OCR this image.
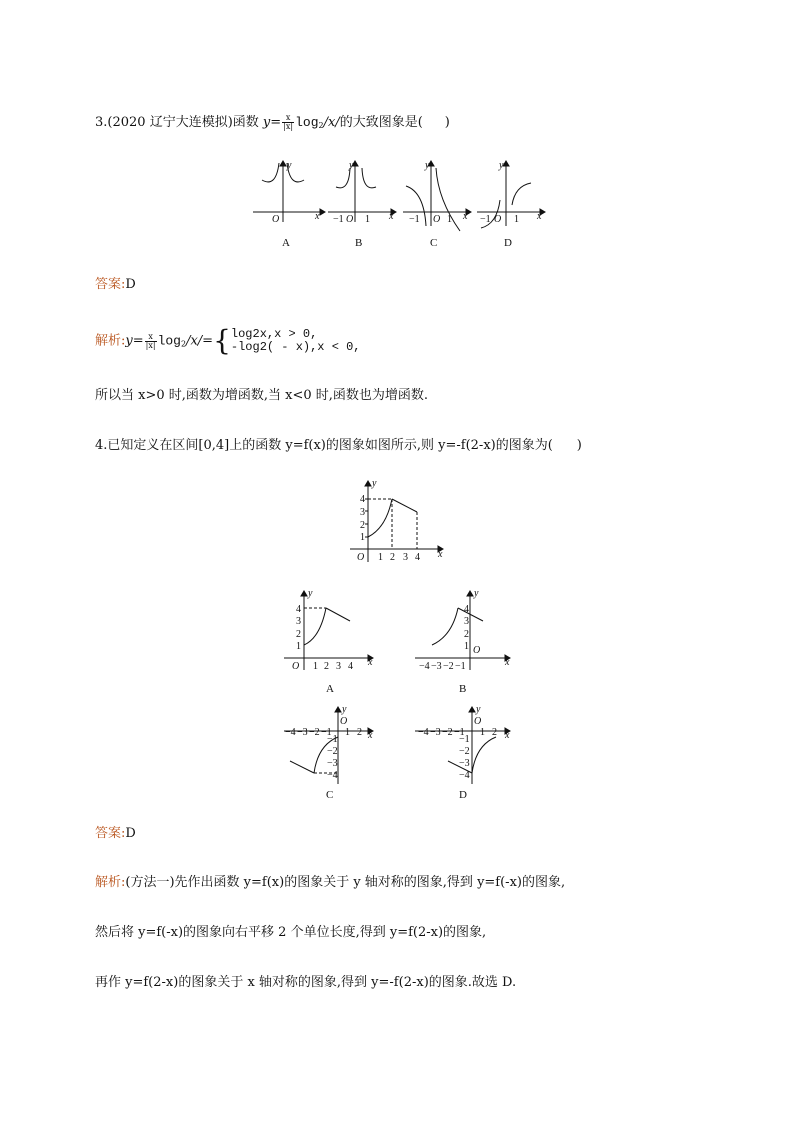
3.(2020 辽宁大连模拟)函数 $y= \frac{x}{|x|} \log_2/x/$的大致图象是( )
x
y
O	x
y
−1 O 1	x
y
−1 O 1	x
y
−1 O 1
A	B	C	D
答案:D
解析:y= $\frac{x}{|x|} \log_2/x/=${ log2x,x > 0,
-log2( - x),x < 0,
所以当 x>0 时,函数为增函数,当 x<0 时,函数也为增函数.
4.已知定义在区间[0,4]上的函数 y=f(x)的图象如图所示,则 y=-f(2-x)的图象为( )
y
x
O
4
3
2
1
1 2 3 4
y
x
O
4
3
2
1
1 2 3 4
y
x
O
4
3
2
1
−4 −3 −2 −1
y
x
O
−4 −3 −2 −1 1 2
−1
−2
−3
−4
y
x
O
−4 −3 −2 −1 1 2
−1
−2
−3
−4
A	B
C	D
答案:D
解析:(方法一)先作出函数 y=f(x)的图象关于 y 轴对称的图象,得到 y=f(-x)的图象,
然后将 y=f(-x)的图象向右平移 2 个单位长度,得到 y=f(2-x)的图象,
再作 y=f(2-x)的图象关于 x 轴对称的图象,得到 y=-f(2-x)的图象.故选 D.
